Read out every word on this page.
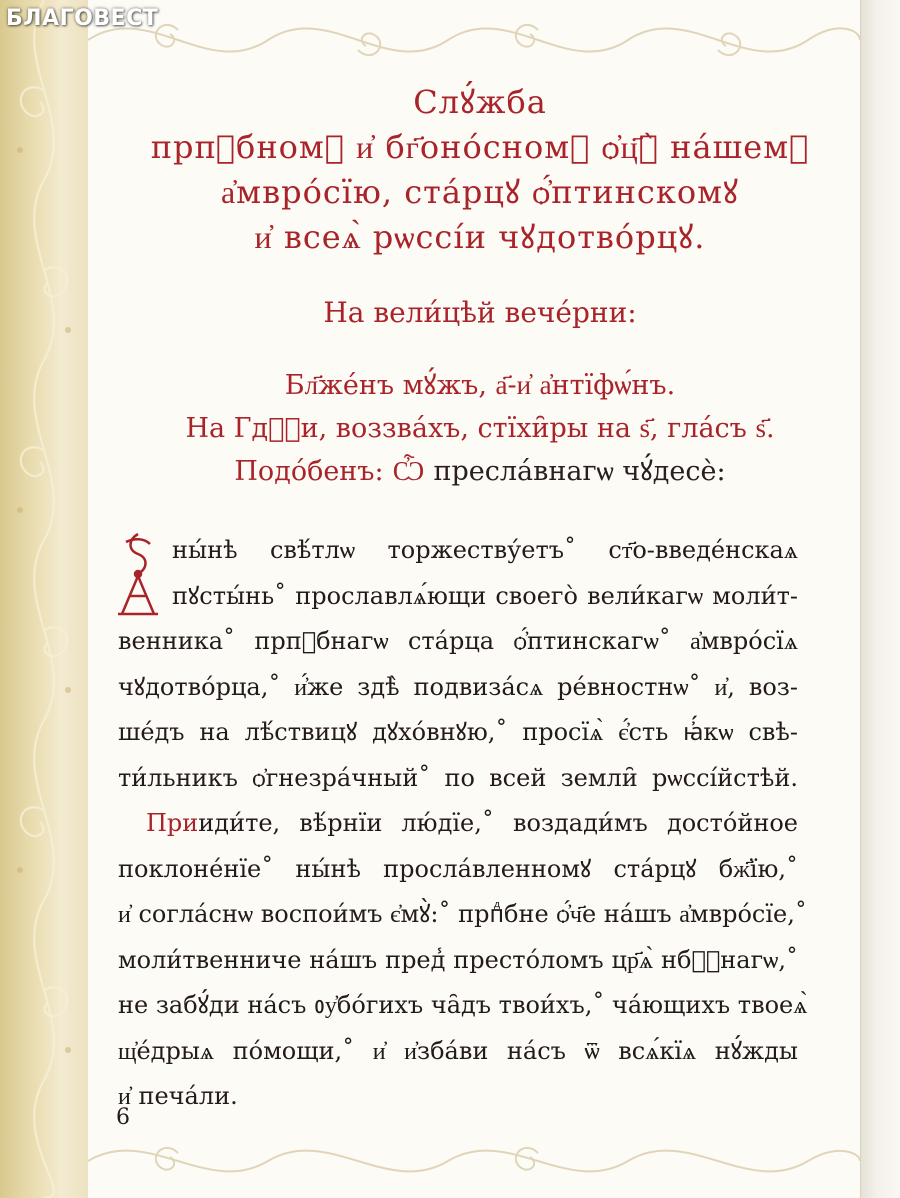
БЛАГОВЕСТ
Слꙋ́жба
прпⷣбномꙋ и҆ бг҃оно́сномꙋ ѻ҆ц҃ꙋ̀ на́шемꙋ
а҆мвро́сїю, ста́рцꙋ ѻ҆́птинскомꙋ
и҆ всеѧ̀ рѡссі́и чꙋдотво́рцꙋ.
На вели́цѣй вече́рни:
Бл҃же́нъ мꙋ́жъ, а҃-и҆ а҆нтїфѡ́нъ.
На Гдⷭ҇и, воззва́хъ, стїхи̑ры на ѕ҃, гла́съ ѕ҃.
Подо́бенъ: Ѽ пресла́внагѡ чꙋ́десѐ:
ны́нѣ свѣ́тлѡ торжеству́етъ˚ ст҃о-введе́нскаѧ
пꙋсты́нь˚ прославлѧ́ющи своего̀ вели́кагѡ моли́т-
венника˚ прпⷣбнагѡ ста́рца ѻ҆́птинскагѡ˚ а҆мвро́сїѧ
чꙋдотво́рца,˚ и҆́же здѣ̀ подвиза́сѧ ре́вностнѡ˚ и҆, воз-
ше́дъ на лѣ́ствицꙋ дꙋхо́внꙋю,˚ просїѧ̀ є҆́сть ꙗ҆́кѡ свѣ-
ти́льникъ ѻ҆гнезра́чный˚ по всей земли̑ рѡссі́йстѣй.
При иди́те, вѣ́рнїи лю́дїе,˚ воздади́мъ досто́йное
поклоне́нїе˚ ны́нѣ просла́вленномꙋ ста́рцꙋ бж҃їю,˚
и҆ согла́снѡ воспои́мъ є҆мꙋ̀:˚ прпⷣбне ѻ҆́ч҃е на́шъ а҆мвро́сїе,˚
моли́твенниче на́шъ пред̾ престо́ломъ цр҃ѧ̀ нбⷭ҇нагѡ,˚
не забꙋ́ди на́съ ᲂу҆бо́гихъ ча̑дъ твои́хъ,˚ ча́ющихъ твоеѧ̀
щ҆е́дрыѧ по́мощи,˚ и҆ и҆зба́ви на́съ ѿ всѧ́кїѧ нꙋ́жды
и҆ печа́ли.
6
